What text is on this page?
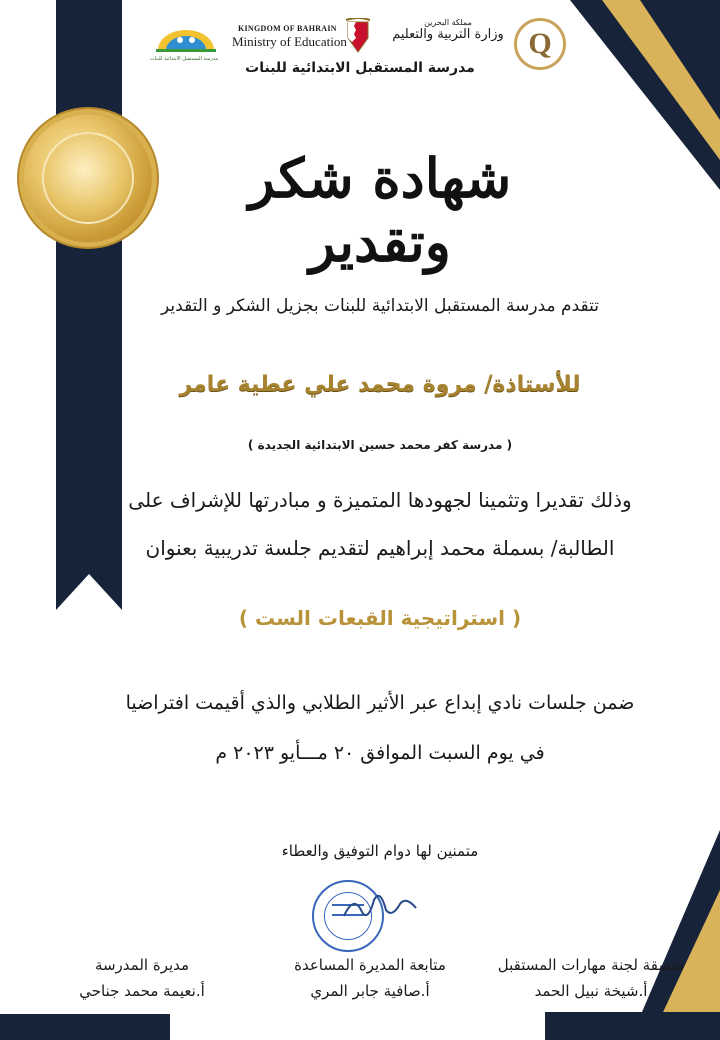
مدرسة المستقبل الابتدائية للبنات
KINGDOM OF BAHRAIN
Ministry of Education
مملكة البحرين
وزارة التربية والتعليم Q
مدرسة المستقبل الابتدائية للبنات
شهادة شكر وتقدير
تتقدم مدرسة المستقبل الابتدائية للبنات بجزيل الشكر و التقدير
للأستاذة/ مروة محمد علي عطية عامر
( مدرسة كفر محمد حسين الابتدائية الجديدة )
وذلك تقديرا وتثمينا لجهودها المتميزة و مبادرتها للإشراف على
الطالبة/ بسملة محمد إبراهيم لتقديم جلسة تدريبية بعنوان
( استراتيجية القبعات الست )
ضمن جلسات نادي إبداع عبر الأثير الطلابي والذي أقيمت افتراضيا
في يوم السبت الموافق ٢٠ مـــأيو ٢٠٢٣ م
متمنين لها دوام التوفيق والعطاء
منسقة لجنة مهارات المستقبل
أ.شيخة نبيل الحمد
متابعة المديرة المساعدة
أ.صافية جابر المري
مديرة المدرسة
أ.نعيمة محمد جناحي
